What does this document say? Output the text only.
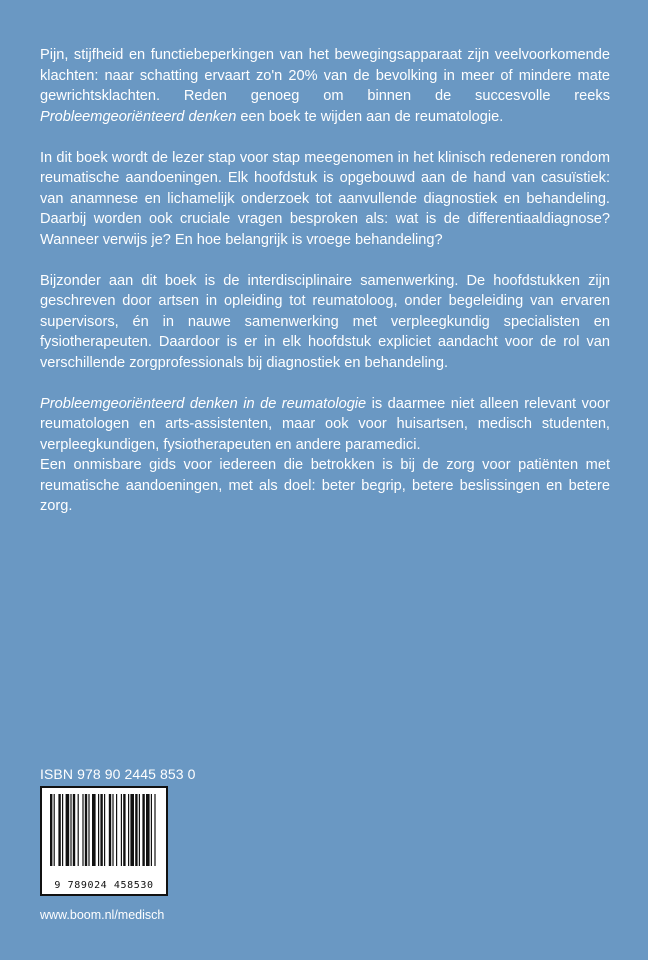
Pijn, stijfheid en functiebeperkingen van het bewegingsapparaat zijn veelvoorkomende klachten: naar schatting ervaart zo'n 20% van de bevolking in meer of mindere mate gewrichtsklachten. Reden genoeg om binnen de succesvolle reeks Probleemgeoriënteerd denken een boek te wijden aan de reumatologie.

In dit boek wordt de lezer stap voor stap meegenomen in het klinisch redeneren rondom reumatische aandoeningen. Elk hoofdstuk is opgebouwd aan de hand van casuïstiek: van anamnese en lichamelijk onderzoek tot aanvullende diagnostiek en behandeling. Daarbij worden ook cruciale vragen besproken als: wat is de differentiaaldiagnose? Wanneer verwijs je? En hoe belangrijk is vroege behandeling?

Bijzonder aan dit boek is de interdisciplinaire samenwerking. De hoofdstukken zijn geschreven door artsen in opleiding tot reumatoloog, onder begeleiding van ervaren supervisors, én in nauwe samenwerking met verpleegkundig specialisten en fysiotherapeuten. Daardoor is er in elk hoofdstuk expliciet aandacht voor de rol van verschillende zorgprofessionals bij diagnostiek en behandeling.

Probleemgeoriënteerd denken in de reumatologie is daarmee niet alleen relevant voor reumatologen en arts-assistenten, maar ook voor huisartsen, medisch studenten, verpleegkundigen, fysiotherapeuten en andere paramedici.

Een onmisbare gids voor iedereen die betrokken is bij de zorg voor patiënten met reumatische aandoeningen, met als doel: beter begrip, betere beslissingen en betere zorg.

ISBN 978 90 2445 853 0
9 789024 458530
www.boom.nl/medisch
